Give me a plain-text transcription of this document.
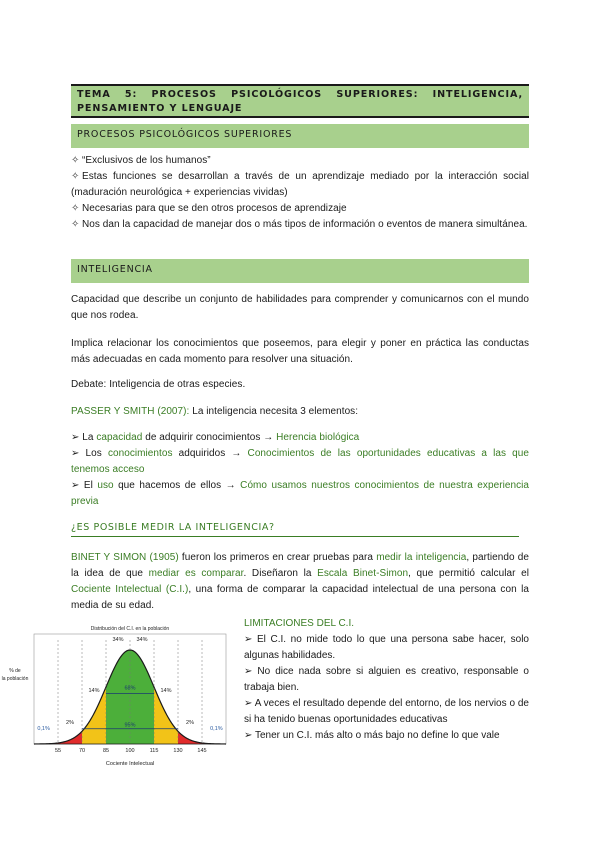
TEMA 5: PROCESOS PSICOLÓGICOS SUPERIORES: INTELIGENCIA, PENSAMIENTO Y LENGUAJE
PROCESOS PSICOLÓGICOS SUPERIORES
✧ “Exclusivos de los humanos”
✧ Estas funciones se desarrollan a través de un aprendizaje mediado por la interacción social (maduración neurológica + experiencias vividas)
✧ Necesarias para que se den otros procesos de aprendizaje
✧ Nos dan la capacidad de manejar dos o más tipos de información o eventos de manera simultánea.
INTELIGENCIA
Capacidad que describe un conjunto de habilidades para comprender y comunicarnos con el mundo que nos rodea.
Implica relacionar los conocimientos que poseemos, para elegir y poner en práctica las conductas más adecuadas en cada momento para resolver una situación.
Debate: Inteligencia de otras especies.
PASSER Y SMITH (2007): La inteligencia necesita 3 elementos:
➢ La capacidad de adquirir conocimientos → Herencia biológica
➢ Los conocimientos adquiridos → Conocimientos de las oportunidades educativas a las que tenemos acceso
➢ El uso que hacemos de ellos → Cómo usamos nuestros conocimientos de nuestra experiencia previa
¿ES POSIBLE MEDIR LA INTELIGENCIA?
BINET Y SIMON (1905) fueron los primeros en crear pruebas para medir la inteligencia, partiendo de la idea de que mediar es comparar. Diseñaron la Escala Binet-Simon, que permitió calcular el Cociente Intelectual (C.I.), una forma de comparar la capacidad intelectual de una persona con la media de su edad.
68%
95%
2%
14%
34% 34%
14%
2%
0,1%	0,1%
55	70	85	100	115	130	145
Distribución del C.I. en la población
Cociente Intelectual
% de
la población
LIMITACIONES DEL C.I.
➢ El C.I. no mide todo lo que una persona sabe hacer, solo algunas habilidades.
➢ No dice nada sobre si alguien es creativo, responsable o trabaja bien.
➢ A veces el resultado depende del entorno, de los nervios o de si ha tenido buenas oportunidades educativas
➢ Tener un C.I. más alto o más bajo no define lo que vale
